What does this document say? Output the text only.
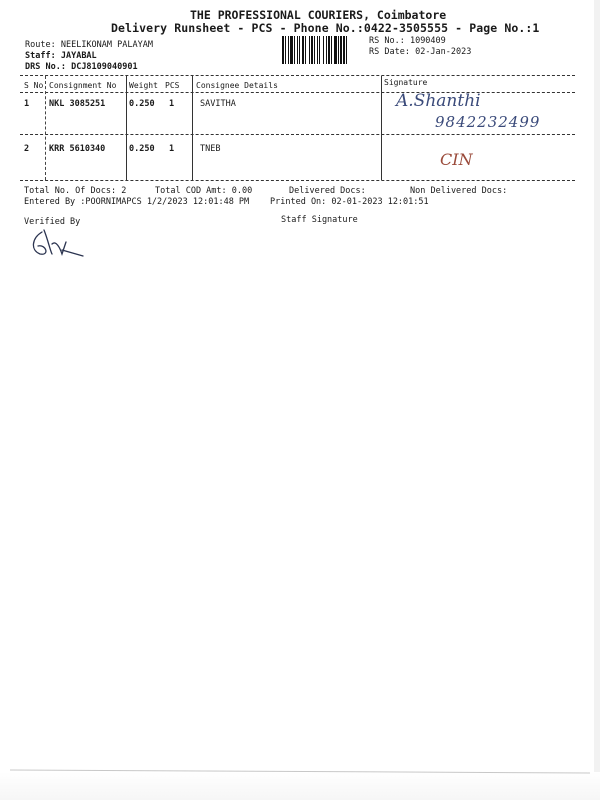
THE PROFESSIONAL COURIERS, Coimbatore
Delivery Runsheet - PCS - Phone No.:0422-3505555 - Page No.:1
Route: NEELIKONAM PALAYAM
Staff: JAYABAL
DRS No.: DCJ8109040901
RS No.: 1090409
RS Date: 02-Jan-2023
S No Consignment No Weight PCS Consignee Details	Signature
1 NKL 3085251	0.250 1	SAVITHA	A.Shanthi
9842232499
2 KRR 5610340	0.250 1	TNEB
CIN
Total No. Of Docs: 2	Total COD Amt: 0.00	Delivered Docs:	Non Delivered Docs:
Entered By :POORNIMAPCS 1/2/2023 12:01:48 PM Printed On: 02-01-2023 12:01:51
Verified By	Staff Signature
